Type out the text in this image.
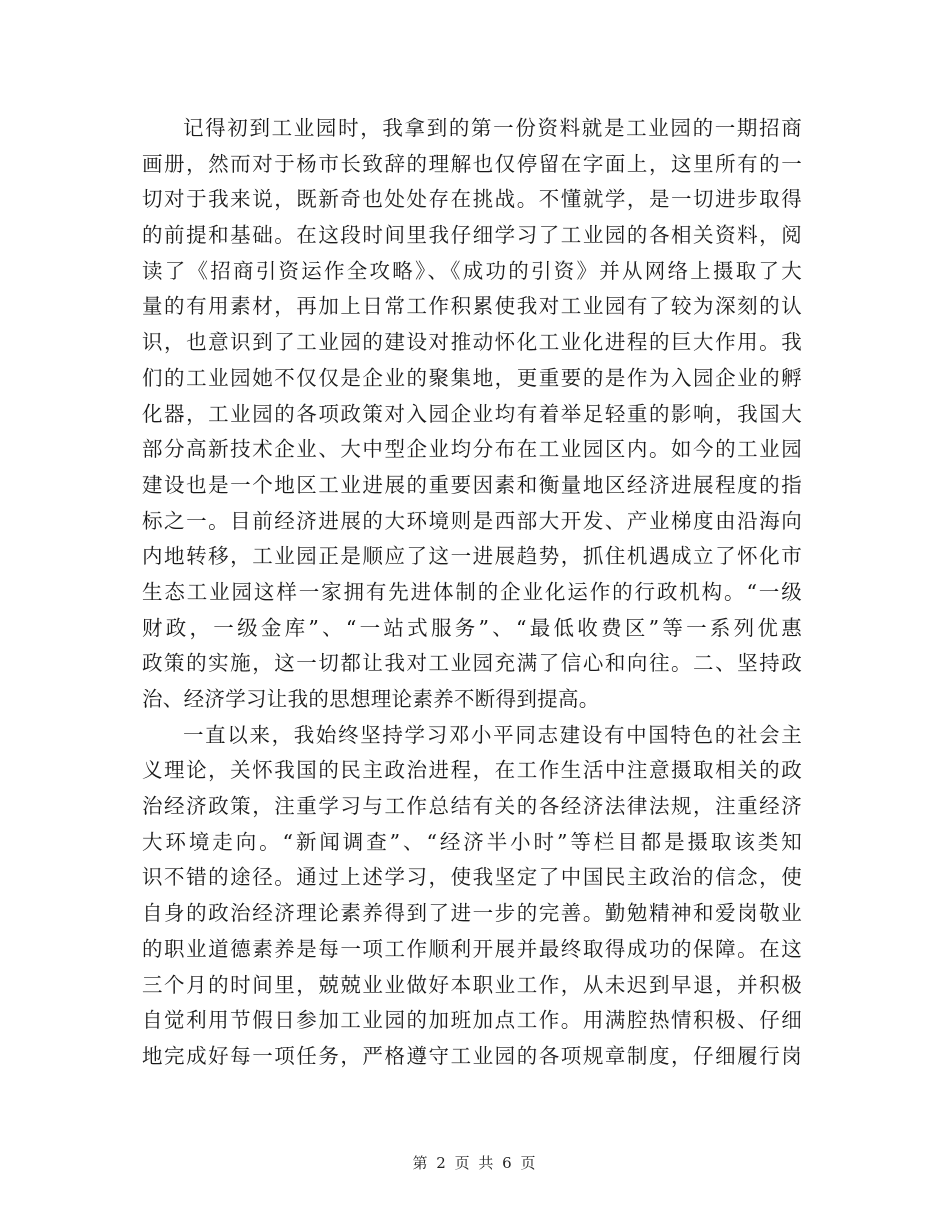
记得初到工业园时，我拿到的第一份资料就是工业园的一期招商
画册，然而对于杨市长致辞的理解也仅停留在字面上，这里所有的一
切对于我来说，既新奇也处处存在挑战。不懂就学，是一切进步取得
的前提和基础。在这段时间里我仔细学习了工业园的各相关资料，阅
读了《招商引资运作全攻略》、《成功的引资》并从网络上摄取了大
量的有用素材，再加上日常工作积累使我对工业园有了较为深刻的认
识，也意识到了工业园的建设对推动怀化工业化进程的巨大作用。我
们的工业园她不仅仅是企业的聚集地，更重要的是作为入园企业的孵
化器，工业园的各项政策对入园企业均有着举足轻重的影响，我国大
部分高新技术企业、大中型企业均分布在工业园区内。如今的工业园
建设也是一个地区工业进展的重要因素和衡量地区经济进展程度的指
标之一。目前经济进展的大环境则是西部大开发、产业梯度由沿海向
内地转移，工业园正是顺应了这一进展趋势，抓住机遇成立了怀化市
生态工业园这样一家拥有先进体制的企业化运作的行政机构。“一级
财政，一级金库”、“一站式服务”、“最低收费区”等一系列优惠
政策的实施，这一切都让我对工业园充满了信心和向往。二、坚持政
治、经济学习让我的思想理论素养不断得到提高。
一直以来，我始终坚持学习邓小平同志建设有中国特色的社会主
义理论，关怀我国的民主政治进程，在工作生活中注意摄取相关的政
治经济政策，注重学习与工作总结有关的各经济法律法规，注重经济
大环境走向。“新闻调查”、“经济半小时”等栏目都是摄取该类知
识不错的途径。通过上述学习，使我坚定了中国民主政治的信念，使
自身的政治经济理论素养得到了进一步的完善。勤勉精神和爱岗敬业
的职业道德素养是每一项工作顺利开展并最终取得成功的保障。在这
三个月的时间里，兢兢业业做好本职业工作，从未迟到早退，并积极
自觉利用节假日参加工业园的加班加点工作。用满腔热情积极、仔细
地完成好每一项任务，严格遵守工业园的各项规章制度，仔细履行岗
第 2 页 共 6 页
